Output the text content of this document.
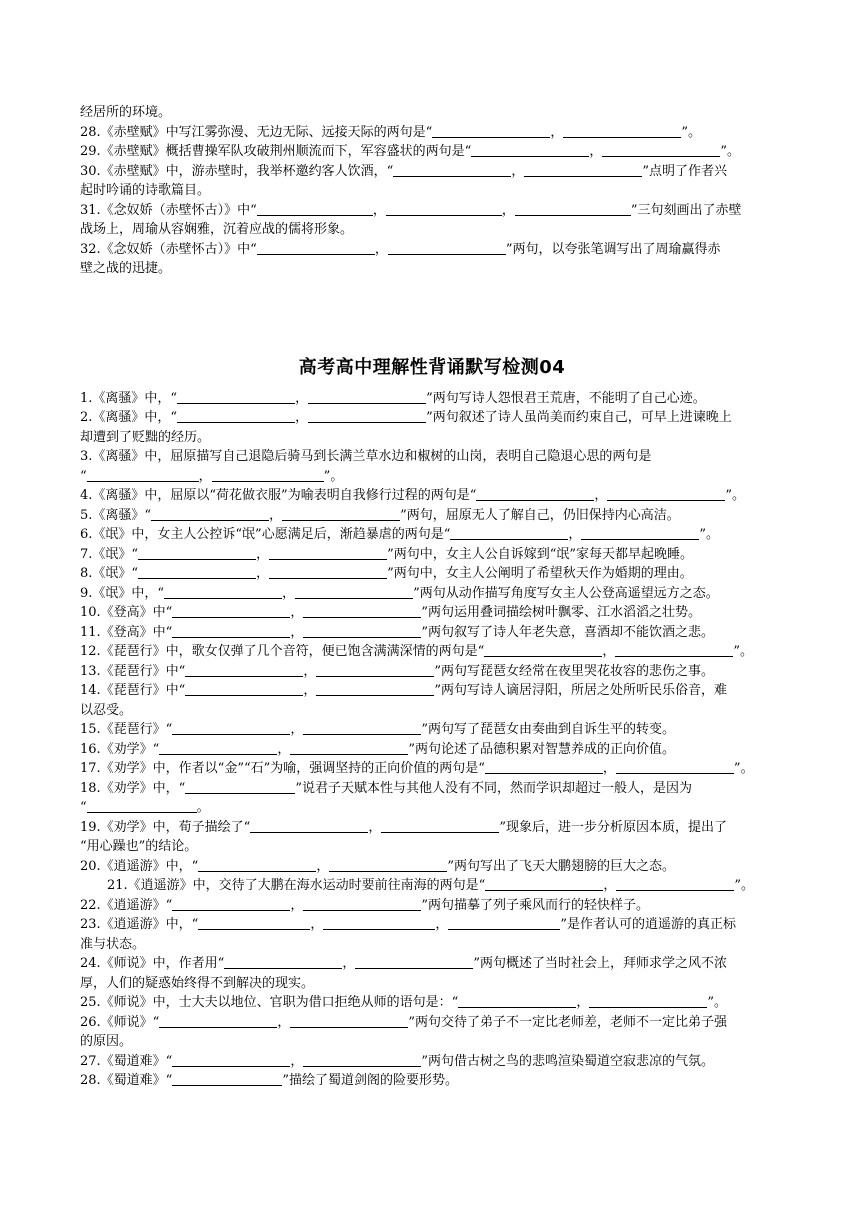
经居所的环境。
28.《赤壁赋》中写江雾弥漫、无边无际、远接天际的两句是“	，	”。
29.《赤壁赋》概括曹操军队攻破荆州顺流而下，军容盛状的两句是“	，	”。
30.《赤壁赋》中，游赤壁时，我举杯邀约客人饮酒，“	，	”点明了作者兴
起时吟诵的诗歌篇目。
31.《念奴娇（赤壁怀古）》中“	，	，	”三句刻画出了赤壁
战场上，周瑜从容娴雅，沉着应战的儒将形象。
32.《念奴娇（赤壁怀古）》中“	，	”两句，以夸张笔调写出了周瑜赢得赤
壁之战的迅捷。
高考高中理解性背诵默写检测04
1.《离骚》中，“	，	”两句写诗人怨恨君王荒唐，不能明了自己心迹。
2.《离骚》中，“	，	”两句叙述了诗人虽尚美而约束自己，可早上进谏晚上
却遭到了贬黜的经历。
3.《离骚》中，屈原描写自己退隐后骑马到长满兰草水边和椒树的山岗，表明自己隐退心思的两句是
“	，	”。
4.《离骚》中，屈原以“荷花做衣服”为喻表明自我修行过程的两句是“	，	”。
5.《离骚》“	，	”两句，屈原无人了解自己，仍旧保持内心高洁。
6.《氓》中，女主人公控诉“氓”心愿满足后，渐趋暴虐的两句是“	，	”。
7.《氓》“	，	”两句中，女主人公自诉嫁到“氓”家每天都早起晚睡。
8.《氓》“	，	”两句中，女主人公阐明了希望秋天作为婚期的理由。
9.《氓》中，“	，	”两句从动作描写角度写女主人公登高遥望远方之态。
10.《登高》中“	，	”两句运用叠词描绘树叶飘零、江水滔滔之壮势。
11.《登高》中“	，	”两句叙写了诗人年老失意，喜酒却不能饮酒之悲。
12.《琵琶行》中，歌女仅弹了几个音符，便已饱含满满深情的两句是“	，	”。
13.《琵琶行》中“	，	”两句写琵琶女经常在夜里哭花妆容的悲伤之事。
14.《琵琶行》中“	，	”两句写诗人谪居浔阳，所居之处所听民乐俗音，难
以忍受。
15.《琵琶行》“	，	”两句写了琵琶女由奏曲到自诉生平的转变。
16.《劝学》“	，	”两句论述了品德积累对智慧养成的正向价值。
17.《劝学》中，作者以“金”“石”为喻，强调坚持的正向价值的两句是“	，	”。
18.《劝学》中，“	”说君子天赋本性与其他人没有不同，然而学识却超过一般人，是因为
“	。
19.《劝学》中，荀子描绘了“	，	”现象后，进一步分析原因本质，提出了
“用心躁也”的结论。
20.《逍遥游》中，“	，	”两句写出了飞天大鹏翅膀的巨大之态。
21.《逍遥游》中，交待了大鹏在海水运动时要前往南海的两句是“	，	”。
22.《逍遥游》“	，	”两句描摹了列子乘风而行的轻快样子。
23.《逍遥游》中，“	，	，	”是作者认可的逍遥游的真正标
准与状态。
24.《师说》中，作者用“	，	”两句概述了当时社会上，拜师求学之风不浓
厚，人们的疑惑始终得不到解决的现实。
25.《师说》中，士大夫以地位、官职为借口拒绝从师的语句是：“	，	”。
26.《师说》“	，	”两句交待了弟子不一定比老师差，老师不一定比弟子强
的原因。
27.《蜀道难》“	，	”两句借古树之鸟的悲鸣渲染蜀道空寂悲凉的气氛。
28.《蜀道难》“	”描绘了蜀道剑阁的险要形势。
